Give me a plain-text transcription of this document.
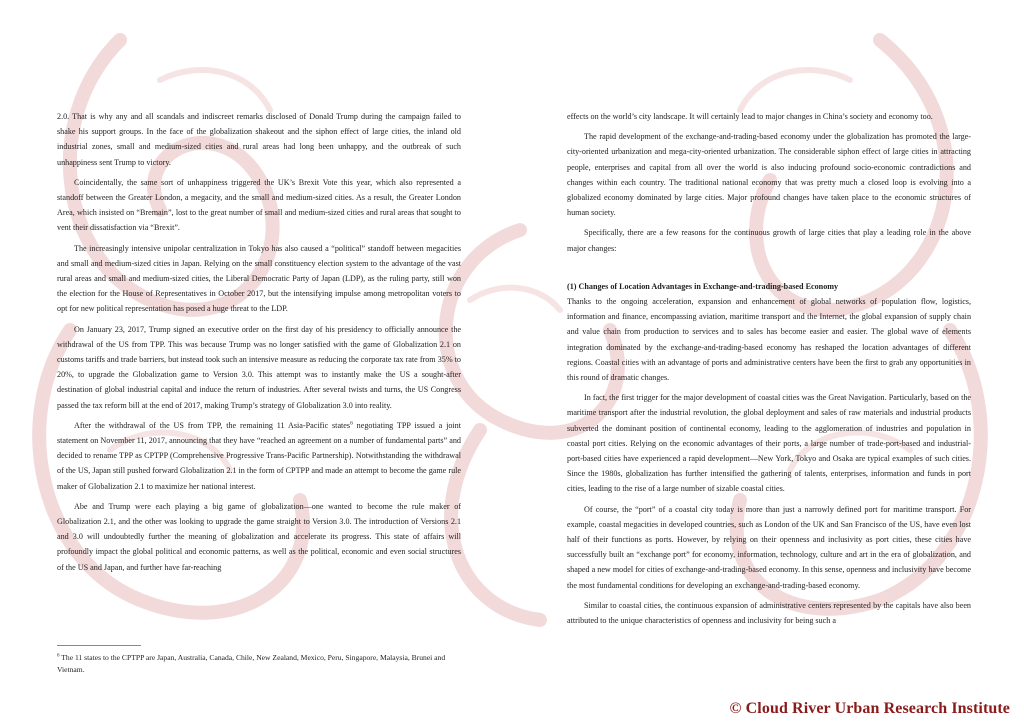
2.0. That is why any and all scandals and indiscreet remarks disclosed of Donald Trump during the campaign failed to shake his support groups. In the face of the globalization shakeout and the siphon effect of large cities, the inland old industrial zones, small and medium-sized cities and rural areas had long been unhappy, and the outbreak of such unhappiness sent Trump to victory.

Coincidentally, the same sort of unhappiness triggered the UK’s Brexit Vote this year, which also represented a standoff between the Greater London, a megacity, and the small and medium-sized cities. As a result, the Greater London Area, which insisted on “Bremain”, lost to the great number of small and medium-sized cities and rural areas that sought to vent their dissatisfaction via “Brexit”.

The increasingly intensive unipolar centralization in Tokyo has also caused a “political” standoff between megacities and small and medium-sized cities in Japan. Relying on the small constituency election system to the advantage of the vast rural areas and small and medium-sized cities, the Liberal Democratic Party of Japan (LDP), as the ruling party, still won the election for the House of Representatives in October 2017, but the intensifying impulse among metropolitan voters to opt for new political representation has posed a huge threat to the LDP.

On January 23, 2017, Trump signed an executive order on the first day of his presidency to officially announce the withdrawal of the US from TPP. This was because Trump was no longer satisfied with the game of Globalization 2.1 on customs tariffs and trade barriers, but instead took such an intensive measure as reducing the corporate tax rate from 35% to 20%, to upgrade the Globalization game to Version 3.0. This attempt was to instantly make the US a sought-after destination of global industrial capital and induce the return of industries. After several twists and turns, the US Congress passed the tax reform bill at the end of 2017, making Trump’s strategy of Globalization 3.0 into reality.

After the withdrawal of the US from TPP, the remaining 11 Asia-Pacific states$^6$ negotiating TPP issued a joint statement on November 11, 2017, announcing that they have “reached an agreement on a number of fundamental parts” and decided to rename TPP as CPTPP (Comprehensive Progressive Trans-Pacific Partnership). Notwithstanding the withdrawal of the US, Japan still pushed forward Globalization 2.1 in the form of CPTPP and made an attempt to become the game rule maker of Globalization 2.1 to maximize her national interest.

Abe and Trump were each playing a big game of globalization—one wanted to become the rule maker of Globalization 2.1, and the other was looking to upgrade the game straight to Version 3.0. The introduction of Versions 2.1 and 3.0 will undoubtedly further the meaning of globalization and accelerate its progress. This state of affairs will profoundly impact the global political and economic patterns, as well as the political, economic and even social structures of the US and Japan, and further have far-reaching

$^6$ The 11 states to the CPTPP are Japan, Australia, Canada, Chile, New Zealand, Mexico, Peru, Singapore, Malaysia, Brunei and Vietnam.

effects on the world’s city landscape. It will certainly lead to major changes in China’s society and economy too.

The rapid development of the exchange-and-trading-based economy under the globalization has promoted the large-city-oriented urbanization and mega-city-oriented urbanization. The considerable siphon effect of large cities in attracting people, enterprises and capital from all over the world is also inducing profound socio-economic contradictions and changes within each country. The traditional national economy that was pretty much a closed loop is evolving into a globalized economy dominated by large cities. Major profound changes have taken place to the economic structures of human society.

Specifically, there are a few reasons for the continuous growth of large cities that play a leading role in the above major changes:

(1) Changes of Location Advantages in Exchange-and-trading-based Economy

Thanks to the ongoing acceleration, expansion and enhancement of global networks of population flow, logistics, information and finance, encompassing aviation, maritime transport and the Internet, the global expansion of supply chain and value chain from production to services and to sales has become easier and easier. The global wave of elements integration dominated by the exchange-and-trading-based economy has reshaped the location advantages of different regions. Coastal cities with an advantage of ports and administrative centers have been the first to grab any opportunities in this round of dramatic changes.

In fact, the first trigger for the major development of coastal cities was the Great Navigation. Particularly, based on the maritime transport after the industrial revolution, the global deployment and sales of raw materials and industrial products subverted the dominant position of continental economy, leading to the agglomeration of industries and population in coastal port cities. Relying on the economic advantages of their ports, a large number of trade-port-based and industrial-port-based cities have experienced a rapid development—New York, Tokyo and Osaka are typical examples of such cities. Since the 1980s, globalization has further intensified the gathering of talents, enterprises, information and funds in port cities, leading to the rise of a large number of sizable coastal cities.

Of course, the “port” of a coastal city today is more than just a narrowly defined port for maritime transport. For example, coastal megacities in developed countries, such as London of the UK and San Francisco of the US, have even lost half of their functions as ports. However, by relying on their openness and inclusivity as port cities, these cities have successfully built an “exchange port” for economy, information, technology, culture and art in the era of globalization, and shaped a new model for cities of exchange-and-trading-based economy. In this sense, openness and inclusivity have become the most fundamental conditions for developing an exchange-and-trading-based economy.

Similar to coastal cities, the continuous expansion of administrative centers represented by the capitals have also been attributed to the unique characteristics of openness and inclusivity for being such a

© Cloud River Urban Research Institute
